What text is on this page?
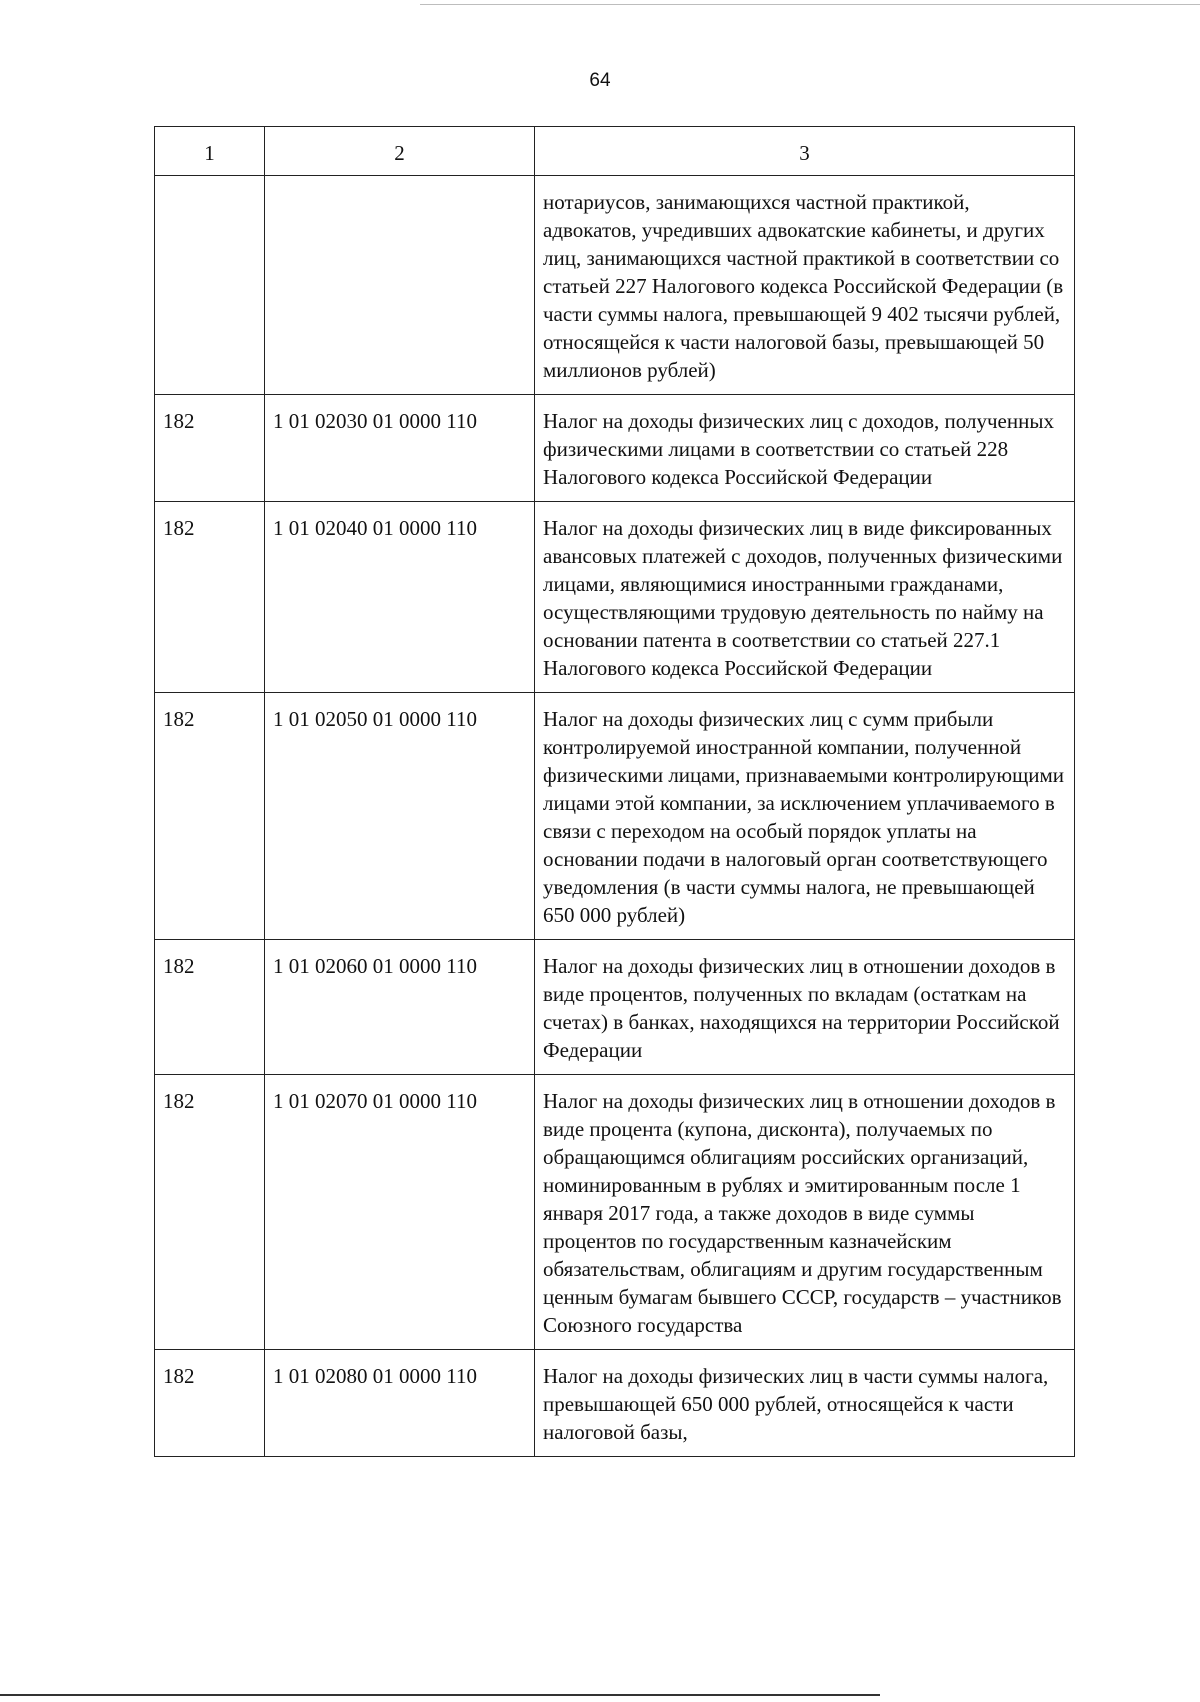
64
1	2	3
		нотариусов, занимающихся частной практикой, адвокатов, учредивших адвокатские кабинеты, и других лиц, занимающихся частной практикой в соответствии со статьей 227 Налогового кодекса Российской Федерации (в части суммы налога, превышающей 9 402 тысячи рублей, относящейся к части налоговой базы, превышающей 50 миллионов рублей)
182	1 01 02030 01 0000 110	Налог на доходы физических лиц с доходов, полученных физическими лицами в соответствии со статьей 228 Налогового кодекса Российской Федерации
182	1 01 02040 01 0000 110	Налог на доходы физических лиц в виде фиксированных авансовых платежей с доходов, полученных физическими лицами, являющимися иностранными гражданами, осуществляющими трудовую деятельность по найму на основании патента в соответствии со статьей 227.1 Налогового кодекса Российской Федерации
182	1 01 02050 01 0000 110	Налог на доходы физических лиц с сумм прибыли контролируемой иностранной компании, полученной физическими лицами, признаваемыми контролирующими лицами этой компании, за исключением уплачиваемого в связи с переходом на особый порядок уплаты на основании подачи в налоговый орган соответствующего уведомления (в части суммы налога, не превышающей 650 000 рублей)
182	1 01 02060 01 0000 110	Налог на доходы физических лиц в отношении доходов в виде процентов, полученных по вкладам (остаткам на счетах) в банках, находящихся на территории Российской Федерации
182	1 01 02070 01 0000 110	Налог на доходы физических лиц в отношении доходов в виде процента (купона, дисконта), получаемых по обращающимся облигациям российских организаций, номинированным в рублях и эмитированным после 1 января 2017 года, а также доходов в виде суммы процентов по государственным казначейским обязательствам, облигациям и другим государственным ценным бумагам бывшего СССР, государств – участников Союзного государства
182	1 01 02080 01 0000 110	Налог на доходы физических лиц в части суммы налога, превышающей 650 000 рублей, относящейся к части налоговой базы,
